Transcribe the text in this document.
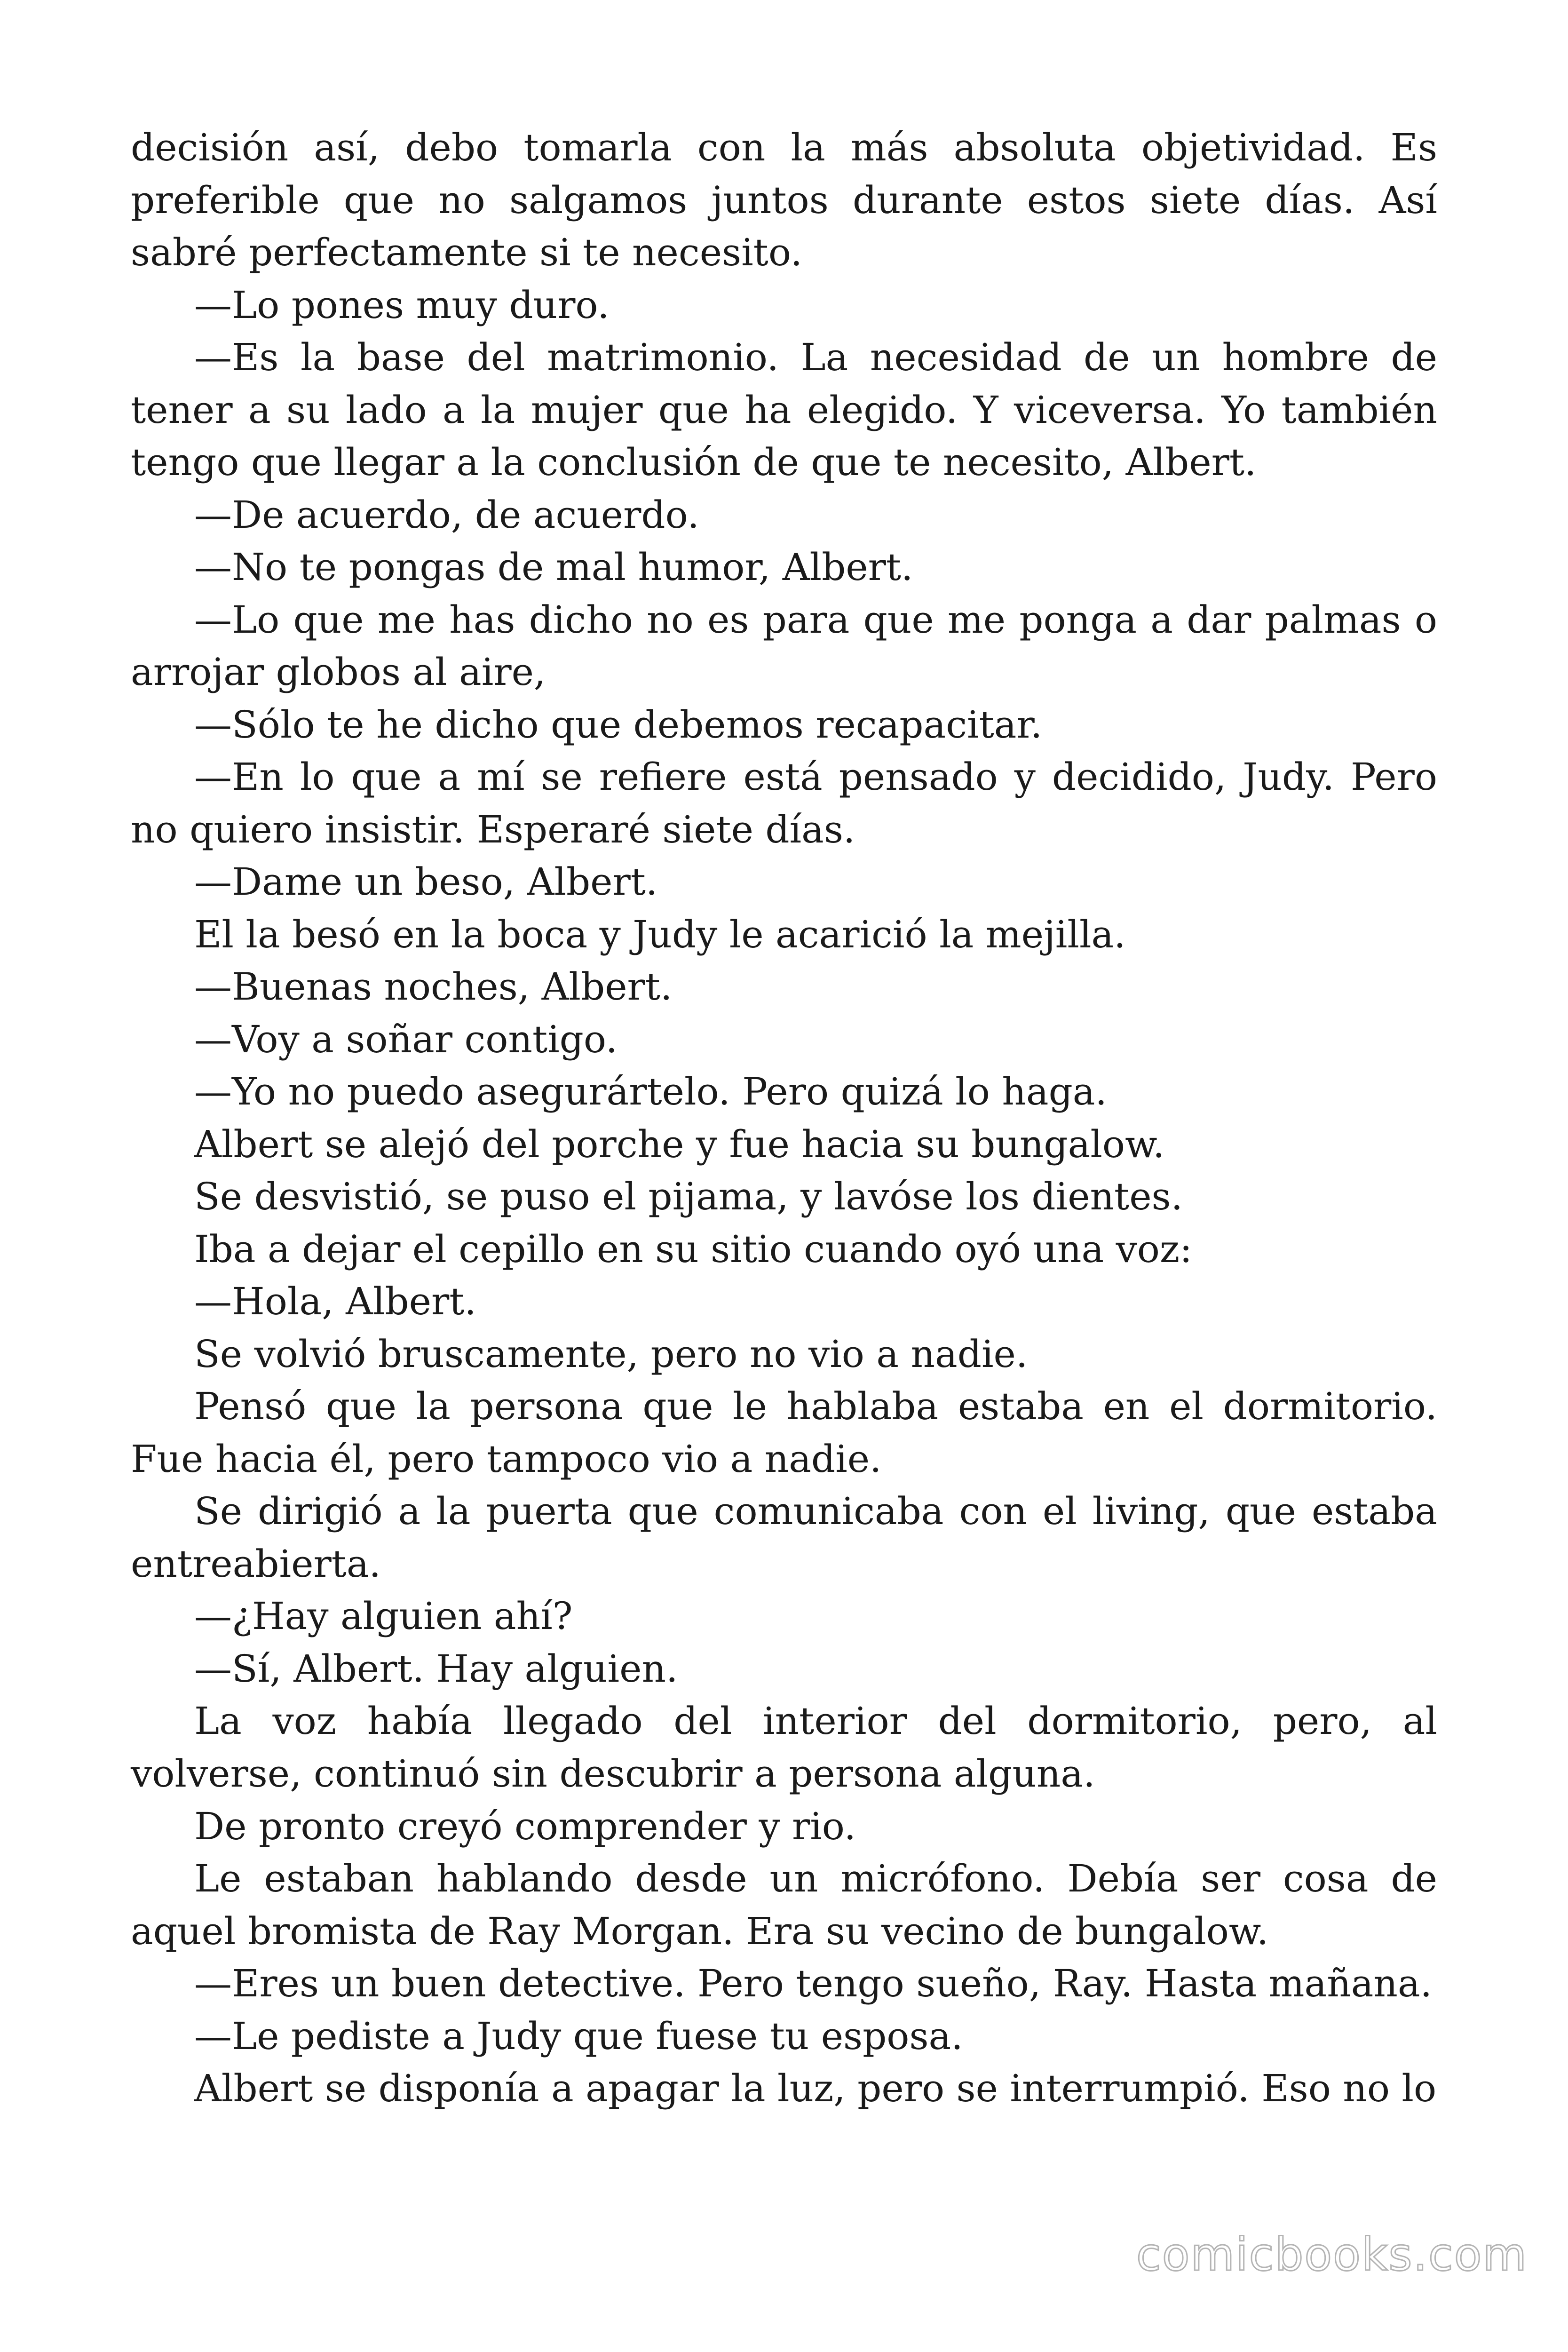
decisión así, debo tomarla con la más absoluta objetividad. Es preferible que no salgamos juntos durante estos siete días. Así sabré perfectamente si te necesito.

—Lo pones muy duro.

—Es la base del matrimonio. La necesidad de un hombre de tener a su lado a la mujer que ha elegido. Y viceversa. Yo también tengo que llegar a la conclusión de que te necesito, Albert.

—De acuerdo, de acuerdo.

—No te pongas de mal humor, Albert.

—Lo que me has dicho no es para que me ponga a dar palmas o arrojar globos al aire,

—Sólo te he dicho que debemos recapacitar.

—En lo que a mí se refiere está pensado y decidido, Judy. Pero no quiero insistir. Esperaré siete días.

—Dame un beso, Albert.

El la besó en la boca y Judy le acarició la mejilla.

—Buenas noches, Albert.

—Voy a soñar contigo.

—Yo no puedo asegurártelo. Pero quizá lo haga.

Albert se alejó del porche y fue hacia su bungalow.

Se desvistió, se puso el pijama, y lavóse los dientes.

Iba a dejar el cepillo en su sitio cuando oyó una voz:

—Hola, Albert.

Se volvió bruscamente, pero no vio a nadie.

Pensó que la persona que le hablaba estaba en el dormitorio. Fue hacia él, pero tampoco vio a nadie.

Se dirigió a la puerta que comunicaba con el living, que estaba entreabierta.

—¿Hay alguien ahí?

—Sí, Albert. Hay alguien.

La voz había llegado del interior del dormitorio, pero, al volverse, continuó sin descubrir a persona alguna.

De pronto creyó comprender y rio.

Le estaban hablando desde un micrófono. Debía ser cosa de aquel bromista de Ray Morgan. Era su vecino de bungalow.

—Eres un buen detective. Pero tengo sueño, Ray. Hasta mañana.

—Le pediste a Judy que fuese tu esposa.

Albert se disponía a apagar la luz, pero se interrumpió. Eso no lo

comicbooks.com
